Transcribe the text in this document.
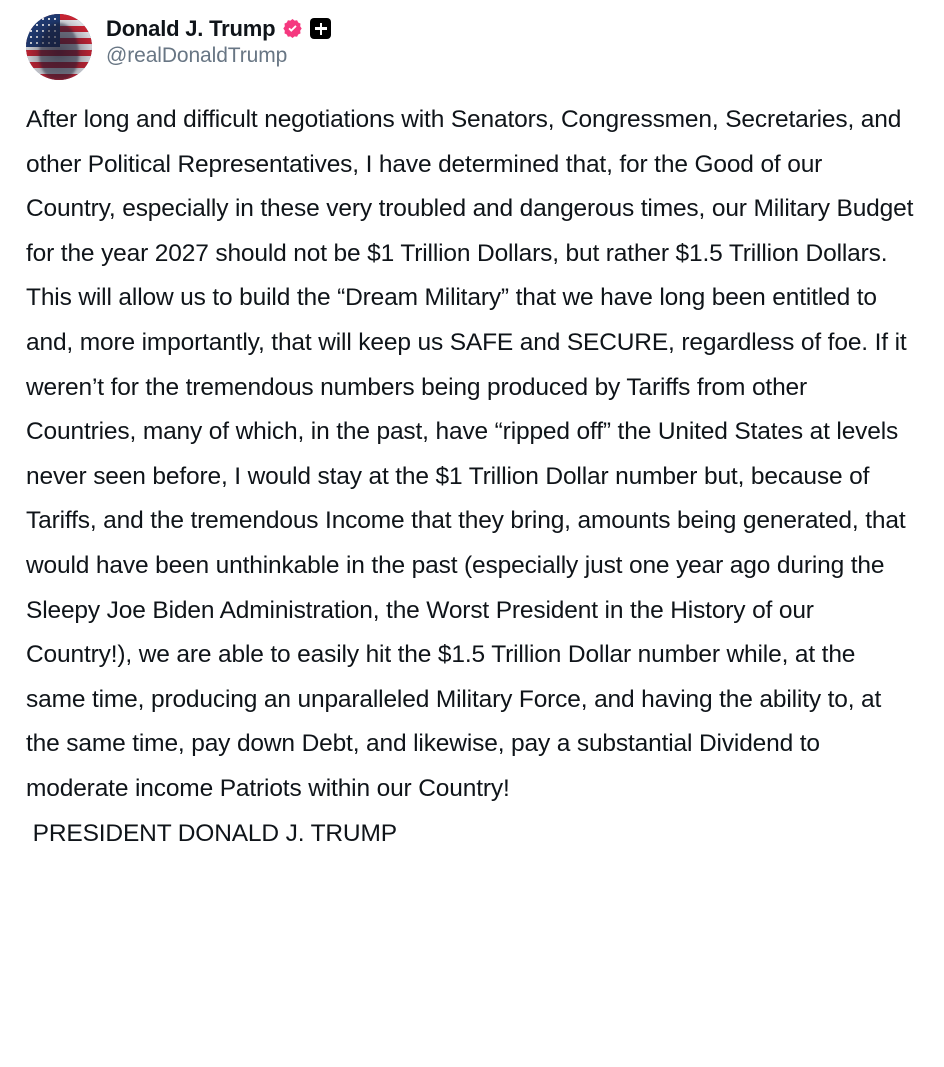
Donald J. Trump
@realDonaldTrump
After long and difficult negotiations with Senators, Congressmen, Secretaries, and other Political Representatives, I have determined that, for the Good of our Country, especially in these very troubled and dangerous times, our Military Budget for the year 2027 should not be $1 Trillion Dollars, but rather $1.5 Trillion Dollars. This will allow us to build the “Dream Military” that we have long been entitled to and, more importantly, that will keep us SAFE and SECURE, regardless of foe. If it weren’t for the tremendous numbers being produced by Tariffs from other Countries, many of which, in the past, have “ripped off” the United States at levels never seen before, I would stay at the $1 Trillion Dollar number but, because of Tariffs, and the tremendous Income that they bring, amounts being generated, that would have been unthinkable in the past (especially just one year ago during the Sleepy Joe Biden Administration, the Worst President in the History of our Country!), we are able to easily hit the $1.5 Trillion Dollar number while, at the same time, producing an unparalleled Military Force, and having the ability to, at the same time, pay down Debt, and likewise, pay a substantial Dividend to moderate income Patriots within our Country!
PRESIDENT DONALD J. TRUMP
